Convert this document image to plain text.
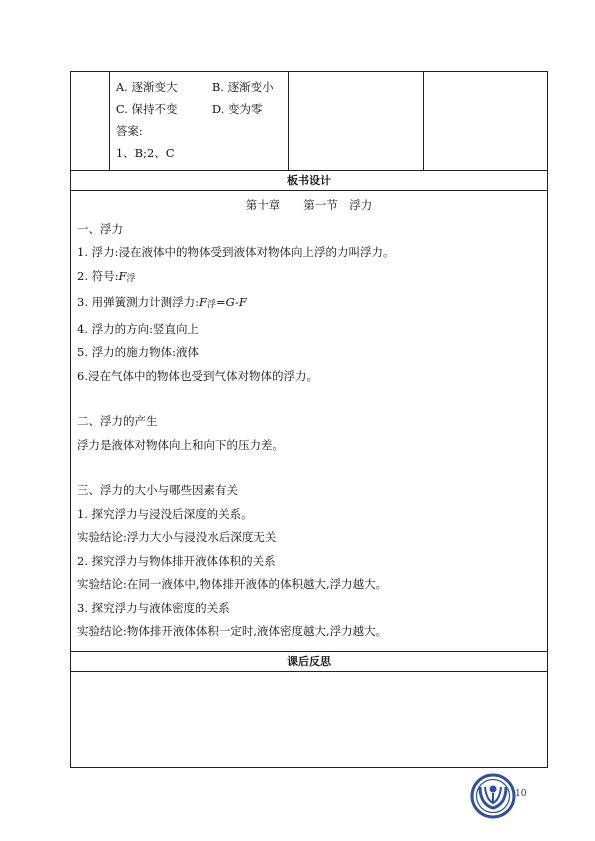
A. 逐渐变大	B. 逐渐变小
C. 保持不变	D. 变为零
答案:
1、B;2、C
板书设计
第十章　　第一节　浮力
一、浮力
1. 浮力:浸在液体中的物体受到液体对物体向上浮的力叫浮力。
2. 符号:F浮
3. 用弹簧测力计测浮力:F浮=G-F
4. 浮力的方向:竖直向上
5. 浮力的施力物体:液体
6.浸在气体中的物体也受到气体对物体的浮力。
二、浮力的产生
浮力是液体对物体向上和向下的压力差。
三、浮力的大小与哪些因素有关
1. 探究浮力与浸没后深度的关系。
实验结论:浮力大小与浸没水后深度无关
2. 探究浮力与物体排开液体体积的关系
实验结论:在同一液体中,物体排开液体的体积越大,浮力越大。
3. 探究浮力与液体密度的关系
实验结论:物体排开液体体积一定时,液体密度越大,浮力越大。
课后反思
10
